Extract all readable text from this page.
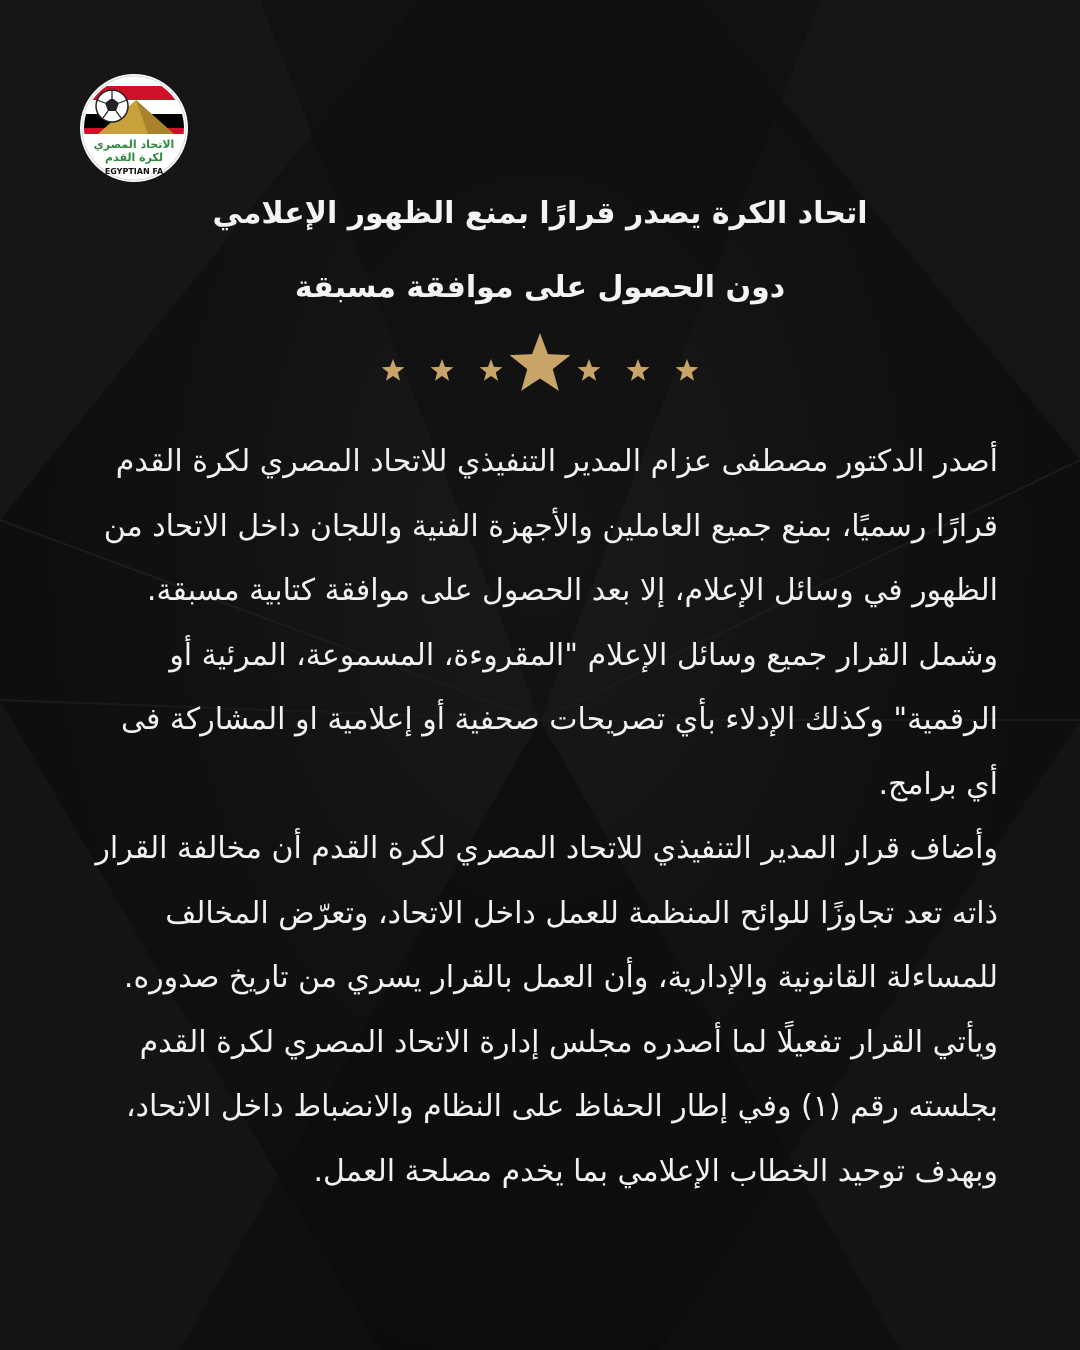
الاتحاد المصري
لكرة القدم
EGYPTIAN FA
اتحاد الكرة يصدر قرارًا بمنع الظهور الإعلامي
دون الحصول على موافقة مسبقة

أصدر الدكتور مصطفى عزام المدير التنفيذي للاتحاد المصري لكرة القدم قرارًا رسميًا، بمنع جميع العاملين والأجهزة الفنية واللجان داخل الاتحاد من الظهور في وسائل الإعلام، إلا بعد الحصول على موافقة كتابية مسبقة.

وشمل القرار جميع وسائل الإعلام "المقروءة، المسموعة، المرئية أو الرقمية" وكذلك الإدلاء بأي تصريحات صحفية أو إعلامية او المشاركة فى أي برامج.

وأضاف قرار المدير التنفيذي للاتحاد المصري لكرة القدم أن مخالفة القرار ذاته تعد تجاوزًا للوائح المنظمة للعمل داخل الاتحاد، وتعرّض المخالف للمساءلة القانونية والإدارية، وأن العمل بالقرار يسري من تاريخ صدوره.

ويأتي القرار تفعيلًا لما أصدره مجلس إدارة الاتحاد المصري لكرة القدم بجلسته رقم (١) وفي إطار الحفاظ على النظام والانضباط داخل الاتحاد، وبهدف توحيد الخطاب الإعلامي بما يخدم مصلحة العمل.
